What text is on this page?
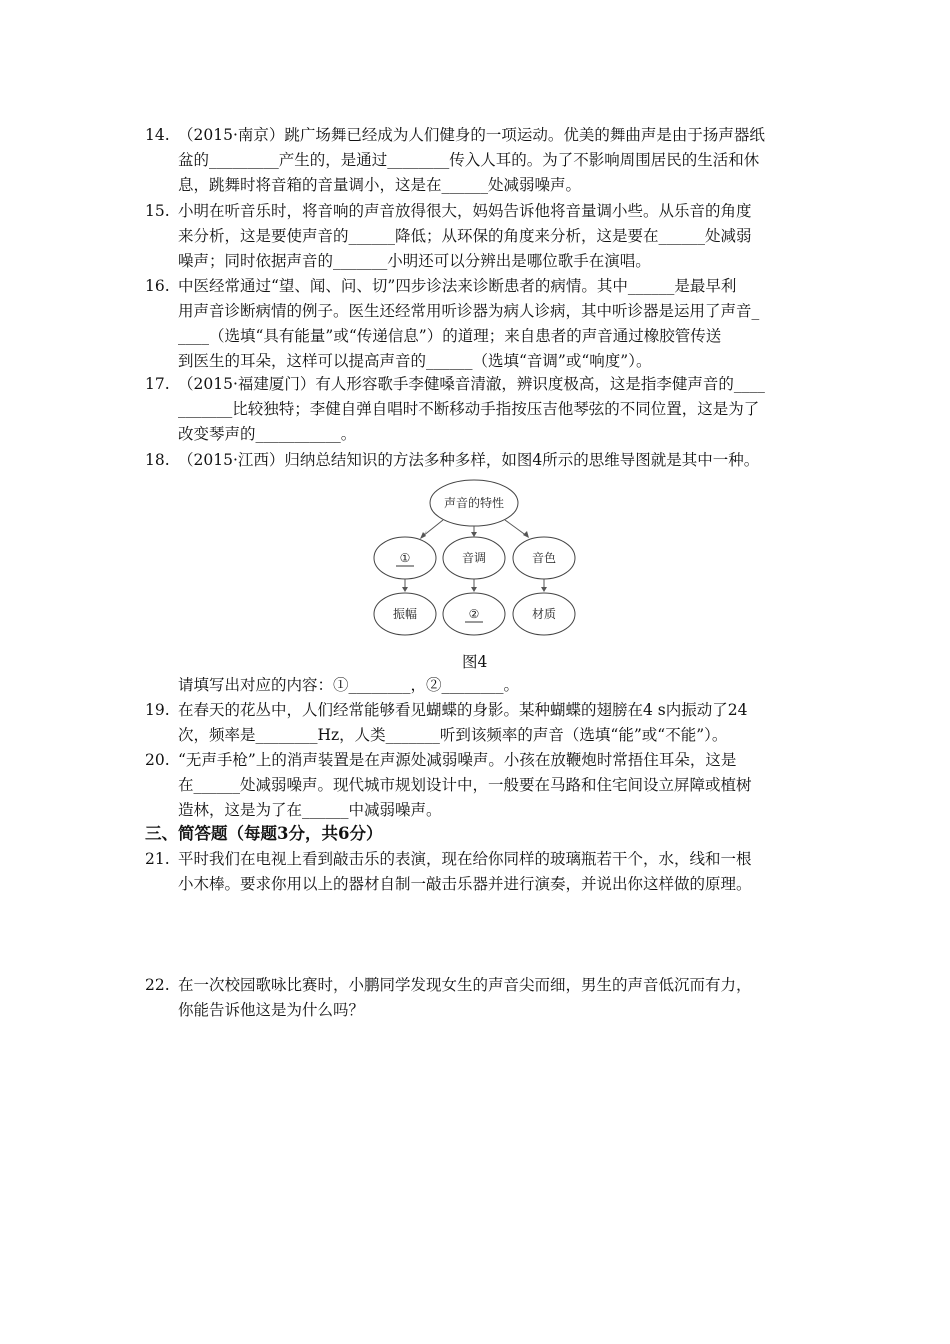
14. （2015·南京）跳广场舞已经成为人们健身的一项运动。优美的舞曲声是由于扬声器纸
盆的_________产生的，是通过________传入人耳的。为了不影响周围居民的生活和休
息，跳舞时将音箱的音量调小，这是在______处减弱噪声。
15. 小明在听音乐时，将音响的声音放得很大，妈妈告诉他将音量调小些。从乐音的角度
来分析，这是要使声音的______降低；从环保的角度来分析，这是要在______处减弱
噪声；同时依据声音的_______小明还可以分辨出是哪位歌手在演唱。
16. 中医经常通过“望、闻、问、切”四步诊法来诊断患者的病情。其中______是最早利
用声音诊断病情的例子。医生还经常用听诊器为病人诊病，其中听诊器是运用了声音_
____（选填“具有能量”或“传递信息”）的道理；来自患者的声音通过橡胶管传送
到医生的耳朵，这样可以提高声音的______（选填“音调”或“响度”）。
17. （2015·福建厦门）有人形容歌手李健嗓音清澈，辨识度极高，这是指李健声音的____
_______比较独特；李健自弹自唱时不断移动手指按压吉他琴弦的不同位置，这是为了
改变琴声的___________。
18. （2015·江西）归纳总结知识的方法多种多样，如图4所示的思维导图就是其中一种。
声音的特性
①	音调	音色
振幅	②	材质
图4
请填写出对应的内容：①________，②________。
19. 在春天的花丛中，人们经常能够看见蝴蝶的身影。某种蝴蝶的翅膀在4 s内振动了24
次，频率是________Hz，人类_______听到该频率的声音（选填“能”或“不能”）。
20. “无声手枪”上的消声装置是在声源处减弱噪声。小孩在放鞭炮时常捂住耳朵，这是
在______处减弱噪声。现代城市规划设计中，一般要在马路和住宅间设立屏障或植树
造林，这是为了在______中减弱噪声。
三、简答题（每题3分，共6分）
21. 平时我们在电视上看到敲击乐的表演，现在给你同样的玻璃瓶若干个，水，线和一根
小木棒。要求你用以上的器材自制一敲击乐器并进行演奏，并说出你这样做的原理。
22. 在一次校园歌咏比赛时，小鹏同学发现女生的声音尖而细，男生的声音低沉而有力，
你能告诉他这是为什么吗？
